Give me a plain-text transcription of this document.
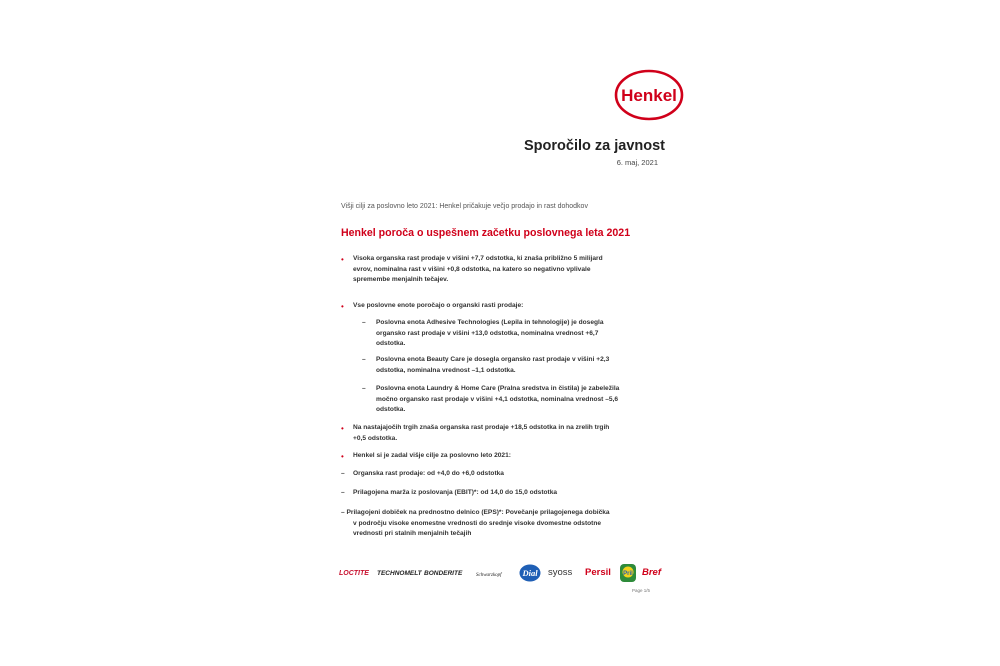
Henkel
Sporočilo za javnost
6. maj, 2021
Višji cilji za poslovno leto 2021: Henkel pričakuje večjo prodajo in rast dohodkov
Henkel poroča o uspešnem začetku poslovnega leta 2021
• Visoka organska rast prodaje v višini +7,7 odstotka, ki znaša približno 5 milijard
evrov, nominalna rast v višini +0,8 odstotka, na katero so negativno vplivale
spremembe menjalnih tečajev.
• Vse poslovne enote poročajo o organski rasti prodaje:
– Poslovna enota Adhesive Technologies (Lepila in tehnologije) je dosegla
organsko rast prodaje v višini +13,0 odstotka, nominalna vrednost +6,7
odstotka.
– Poslovna enota Beauty Care je dosegla organsko rast prodaje v višini +2,3
odstotka, nominalna vrednost –1,1 odstotka.
– Poslovna enota Laundry & Home Care (Pralna sredstva in čistila) je zabeležila
močno organsko rast prodaje v višini +4,1 odstotka, nominalna vrednost –5,6
odstotka.
• Na nastajajočih trgih znaša organska rast prodaje +18,5 odstotka in na zrelih trgih
+0,5 odstotka.
• Henkel si je zadal višje cilje za poslovno leto 2021:
– Organska rast prodaje: od +4,0 do +6,0 odstotka
– Prilagojena marža iz poslovanja (EBIT)*: od 14,0 do 15,0 odstotka
– Prilagojeni dobiček na prednostno delnico (EPS)*: Povečanje prilagojenega dobička
v področju visoke enomestne vrednosti do srednje visoke dvomestne odstotne
vrednosti pri stalnih menjalnih tečajih
LOCTITE TECHNOMELT BONDERITE	Schwarzkopf Dial syoss Persil Pril Bref
Page 1/5
